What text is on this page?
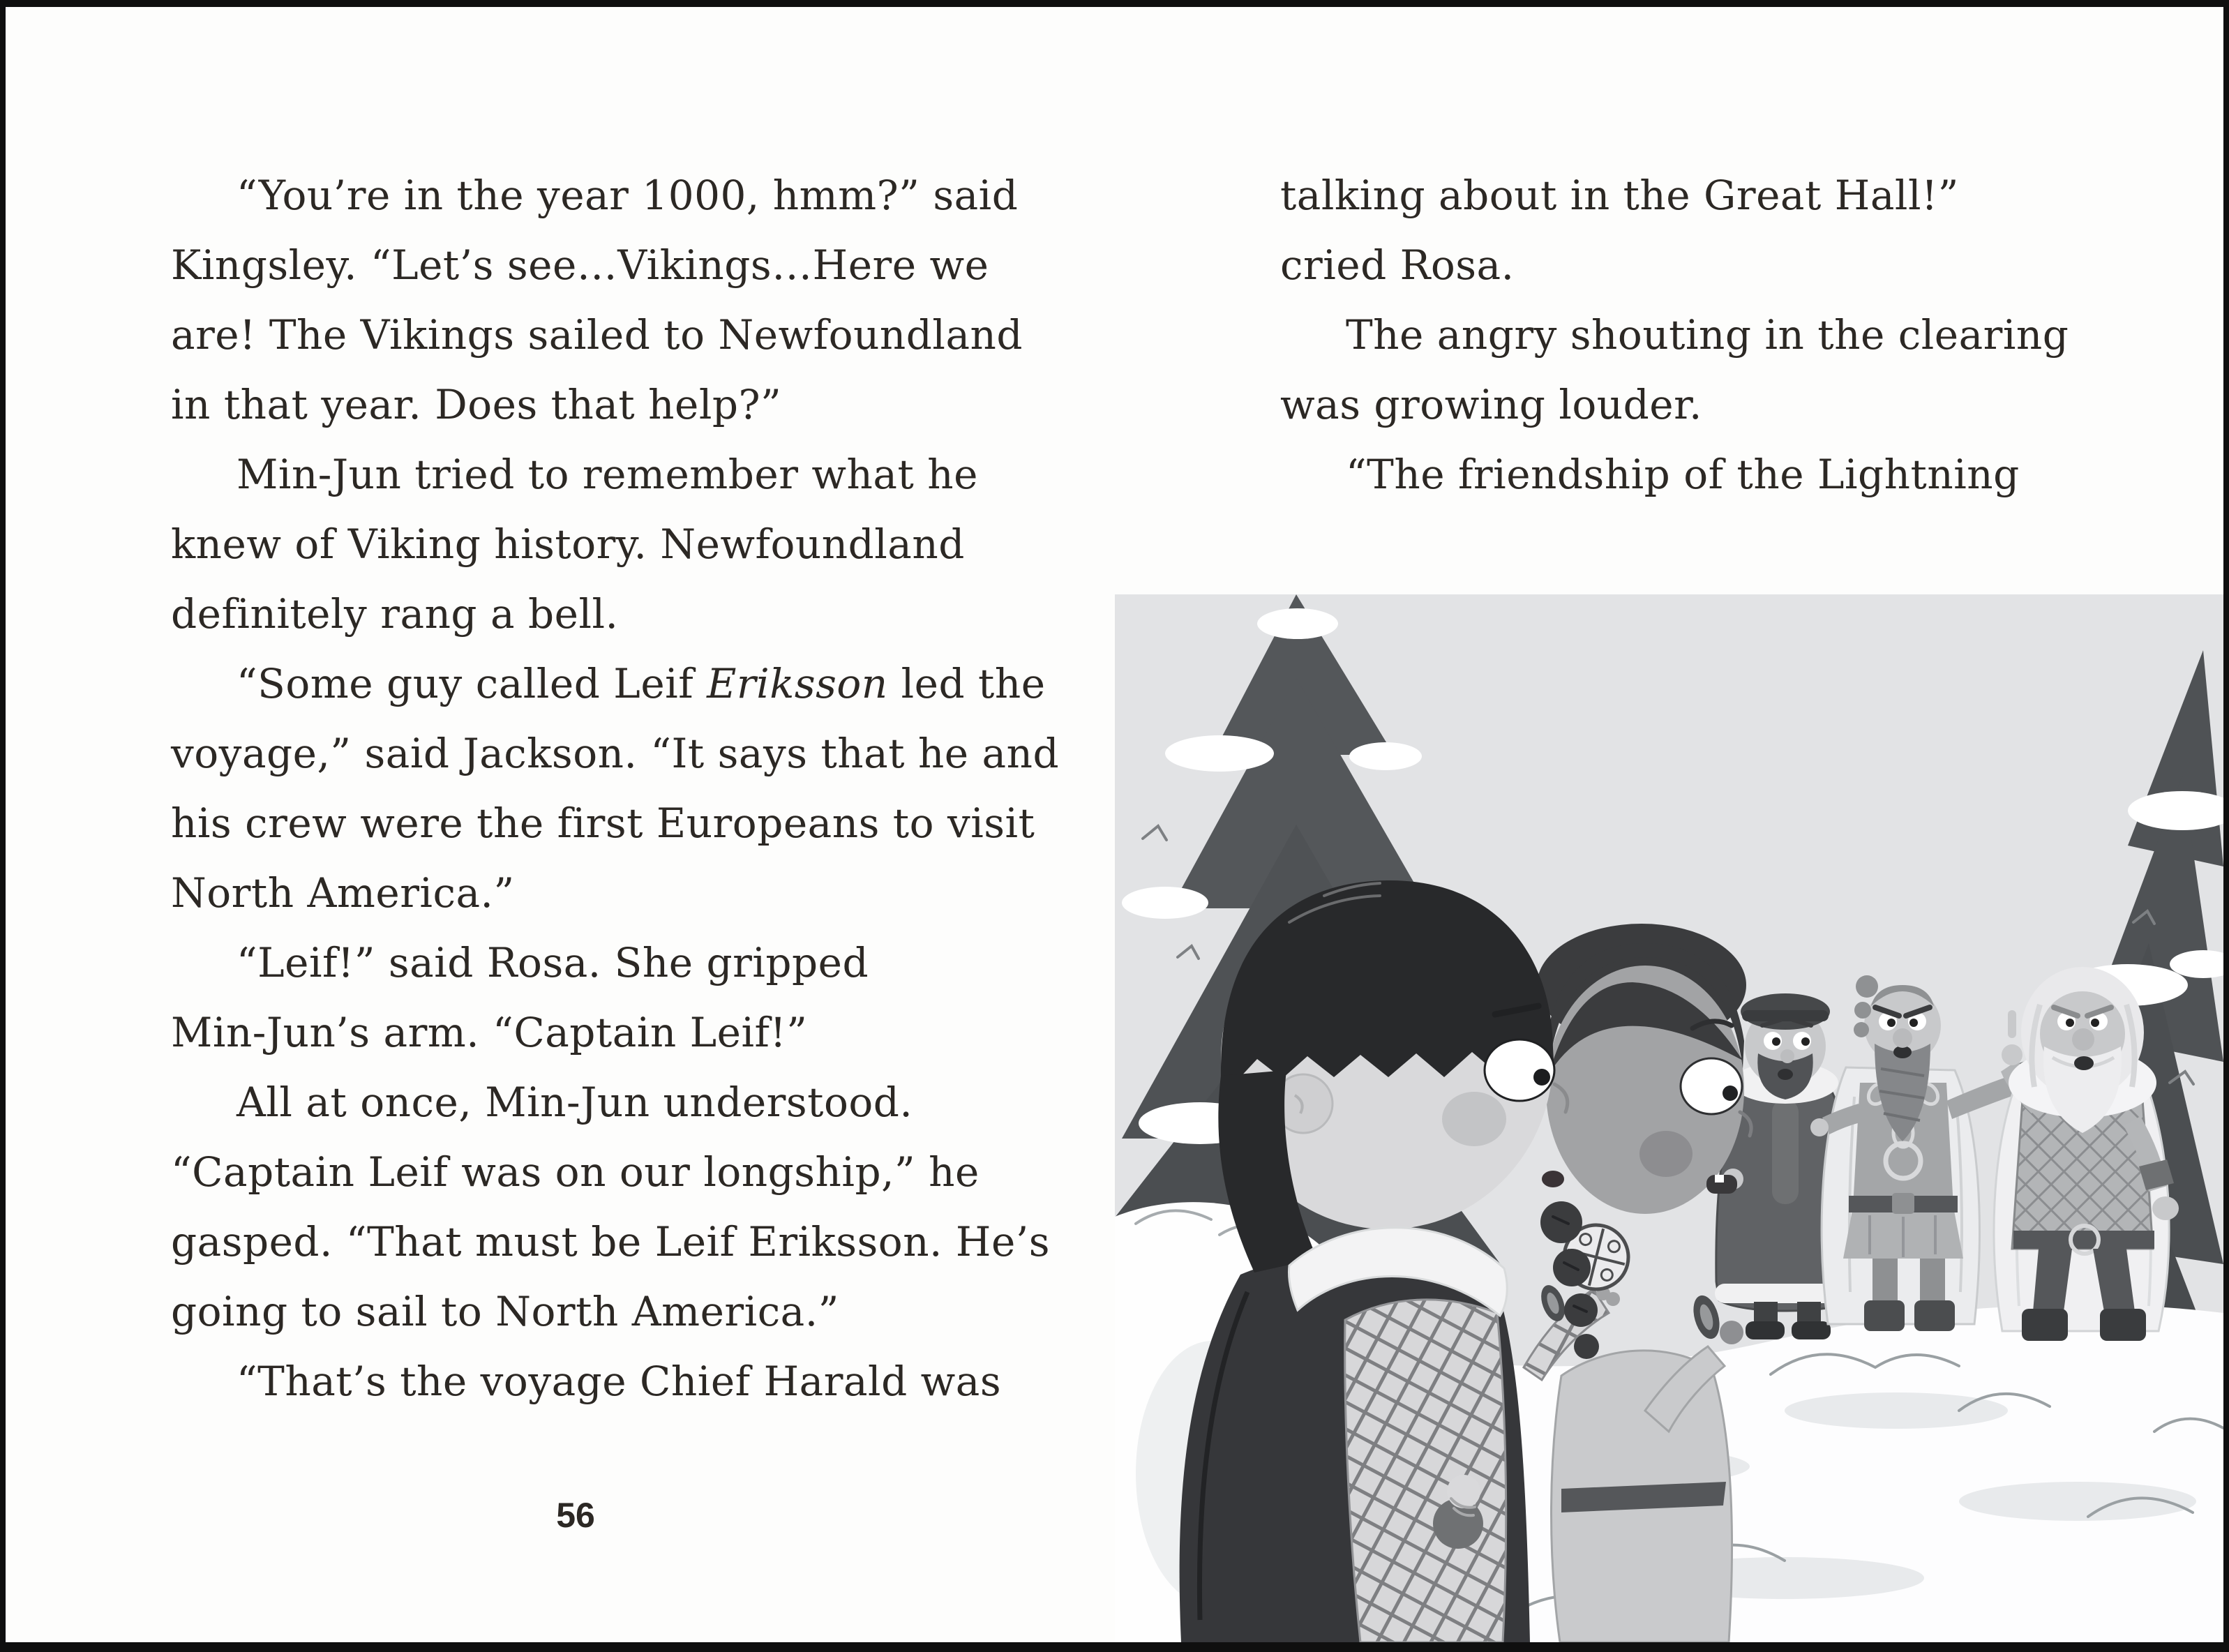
“You’re in the year 1000, hmm?” said
Kingsley. “Let’s see…Vikings…Here we
are! The Vikings sailed to Newfoundland
in that year. Does that help?”
Min-Jun tried to remember what he
knew of Viking history. Newfoundland
definitely rang a bell.
“Some guy called Leif Eriksson led the
voyage,” said Jackson. “It says that he and
his crew were the first Europeans to visit
North America.”
“Leif!” said Rosa. She gripped
Min-Jun’s arm. “Captain Leif!”
All at once, Min-Jun understood.
“Captain Leif was on our longship,” he
gasped. “That must be Leif Eriksson. He’s
going to sail to North America.”
“That’s the voyage Chief Harald was
56
talking about in the Great Hall!”
cried Rosa.
The angry shouting in the clearing
was growing louder.
“The friendship of the Lightning
